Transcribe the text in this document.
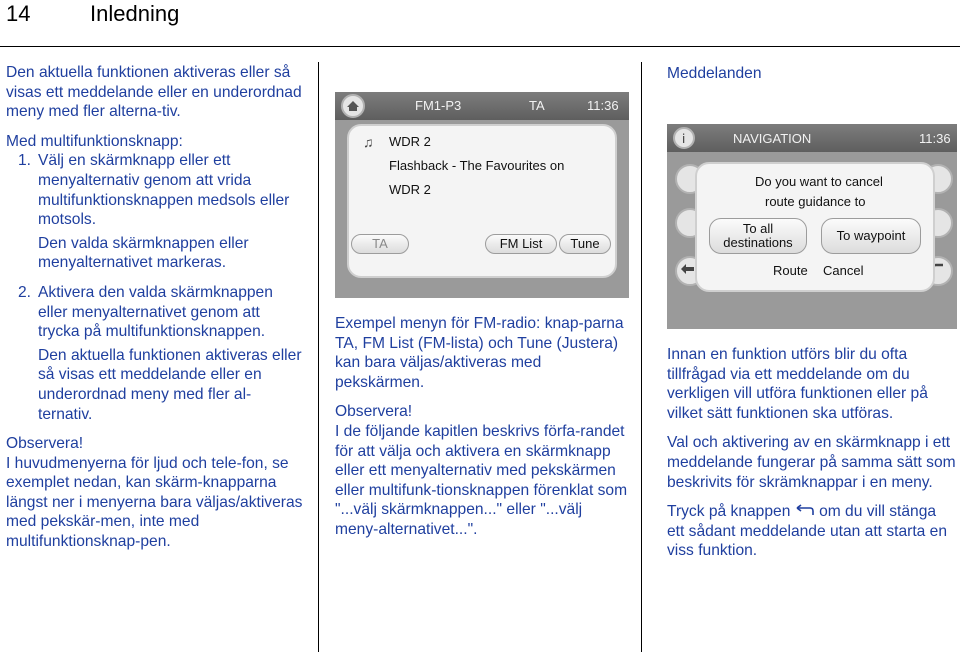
14	Inledning

Den aktuella funktionen aktiveras eller så visas ett meddelande eller en underordnad meny med fler alterna-tiv.

Med multifunktionsknapp:
1. Välj en skärmknapp eller ett menyalternativ genom att vrida multifunktionsknappen medsols eller motsols.
Den valda skärmknappen eller menyalternativet markeras.
2. Aktivera den valda skärmknappen eller menyalternativet genom att trycka på multifunktionsknappen.
Den aktuella funktionen aktiveras eller så visas ett meddelande eller en underordnad meny med fler al-ternativ.
Observera!
I huvudmenyerna för ljud och tele-fon, se exemplet nedan, kan skärm-knapparna längst ner i menyerna bara väljas/aktiveras med pekskär-men, inte med multifunktionsknap-pen.
FM1-P3	TA	11:36
♫ WDR 2
Flashback - The Favourites on
WDR 2
TA	FM List	Tune

Exempel menyn för FM-radio: knap-parna TA, FM List (FM-lista) och Tune (Justera) kan bara väljas/aktiveras med pekskärmen.

Observera!
I de följande kapitlen beskrivs förfa-randet för att välja och aktivera en skärmknapp eller ett menyalternativ med pekskärmen eller multifunk-tionsknappen förenklat som "...välj skärmknappen..." eller "...välj meny-alternativet...".
Meddelanden
i	NAVIGATION	11:36
Do you want to cancel
route guidance to
To all
destinations	To waypoint
Route Cancel

Innan en funktion utförs blir du ofta tillfrågad via ett meddelande om du verkligen vill utföra funktionen eller på vilket sätt funktionen ska utföras.

Val och aktivering av en skärmknapp i ett meddelande fungerar på samma sätt som beskrivits för skrämknappar i en meny.

Tryck på knappen om du vill stänga ett sådant meddelande utan att starta en viss funktion.
